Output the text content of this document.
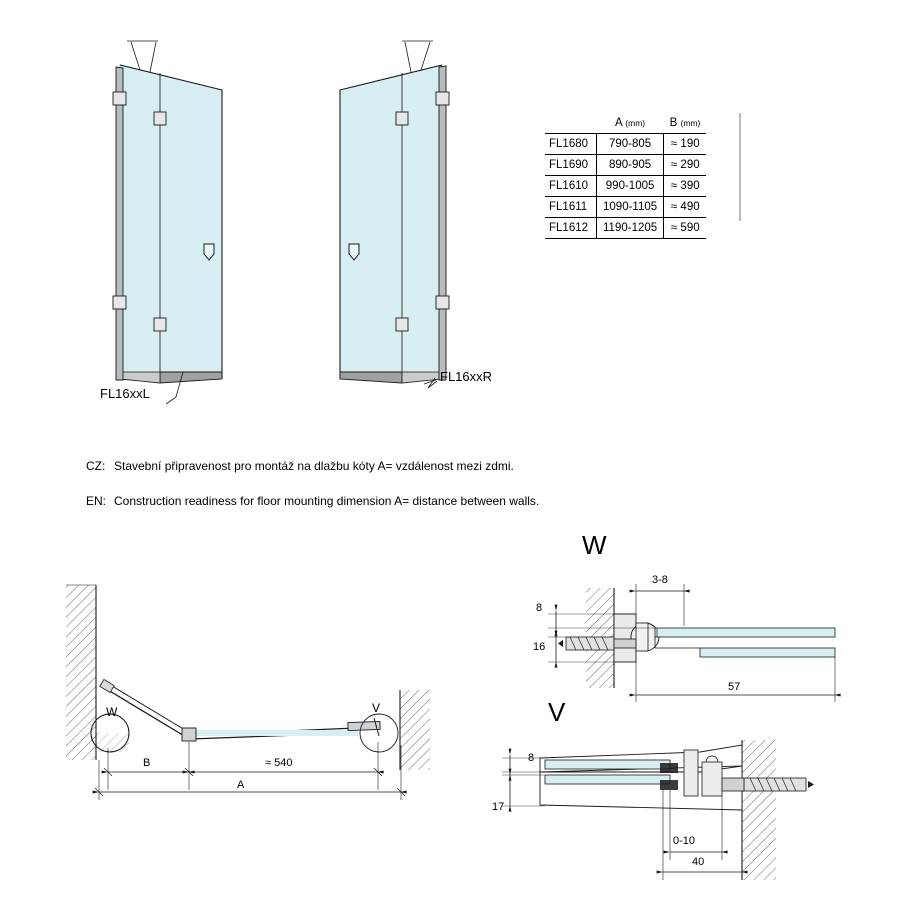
	A (mm)	B (mm)
FL1680	790-805	≈ 190
FL1690	890-905	≈ 290
FL1610	990-1005	≈ 390
FL1611	1090-1105	≈ 490
FL1612	1190-1205	≈ 590
FL16xxL
FL16xxR
CZ: Stavební připravenost pro montáž na dlažbu kóty A= vzdálenost mezi zdmi.
EN: Construction readiness for floor mounting dimension A= distance between walls.
W
V
W	V
B	≈ 540
A
3-8
8
16
57
8
17
0-10
40
